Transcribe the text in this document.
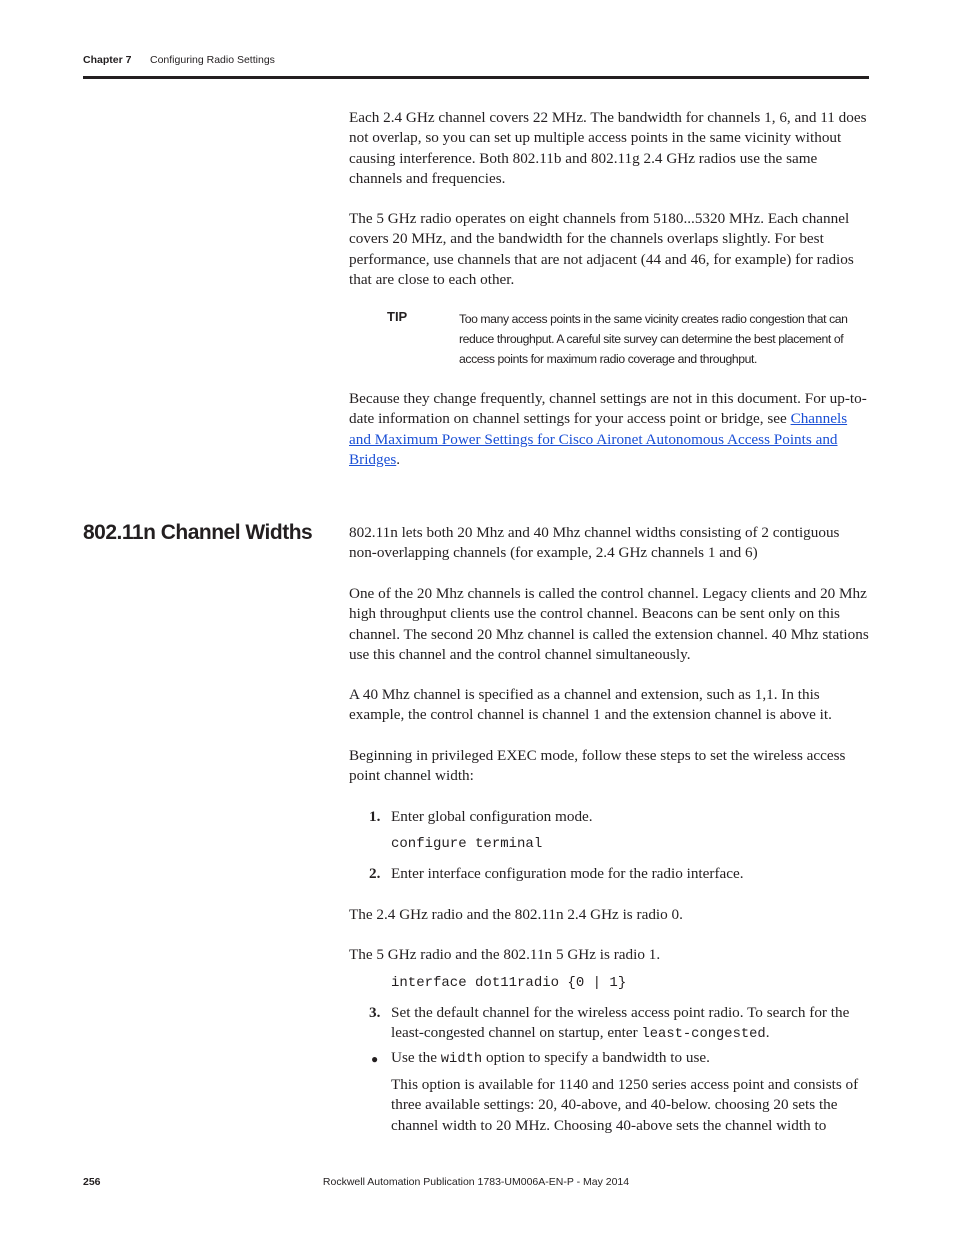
Chapter 7 Configuring Radio Settings

Each 2.4 GHz channel covers 22 MHz. The bandwidth for channels 1, 6, and 11 does not overlap, so you can set up multiple access points in the same vicinity without causing interference. Both 802.11b and 802.11g 2.4 GHz radios use the same channels and frequencies.

The 5 GHz radio operates on eight channels from 5180...5320 MHz. Each channel covers 20 MHz, and the bandwidth for the channels overlaps slightly. For best performance, use channels that are not adjacent (44 and 46, for example) for radios that are close to each other.

TIP	Too many access points in the same vicinity creates radio congestion that can reduce throughput. A careful site survey can determine the best placement of access points for maximum radio coverage and throughput.

Because they change frequently, channel settings are not in this document. For up-to-date information on channel settings for your access point or bridge, see Channels and Maximum Power Settings for Cisco Aironet Autonomous Access Points and Bridges.

802.11n Channel Widths 802.11n lets both 20 Mhz and 40 Mhz channel widths consisting of 2 contiguous non-overlapping channels (for example, 2.4 GHz channels 1 and 6)

One of the 20 Mhz channels is called the control channel. Legacy clients and 20 Mhz high throughput clients use the control channel. Beacons can be sent only on this channel. The second 20 Mhz channel is called the extension channel. 40 Mhz stations use this channel and the control channel simultaneously.

A 40 Mhz channel is specified as a channel and extension, such as 1,1. In this example, the control channel is channel 1 and the extension channel is above it.

Beginning in privileged EXEC mode, follow these steps to set the wireless access point channel width:

1. Enter global configuration mode.
configure terminal
2. Enter interface configuration mode for the radio interface.

The 2.4 GHz radio and the 802.11n 2.4 GHz is radio 0.

The 5 GHz radio and the 802.11n 5 GHz is radio 1.

interface dot11radio {0 | 1}
3. Set the default channel for the wireless access point radio. To search for the least-congested channel on startup, enter least-congested.
● Use the width option to specify a bandwidth to use.
This option is available for 1140 and 1250 series access point and consists of three available settings: 20, 40-above, and 40-below. choosing 20 sets the channel width to 20 MHz. Choosing 40-above sets the channel width to
256	Rockwell Automation Publication 1783-UM006A-EN-P - May 2014
